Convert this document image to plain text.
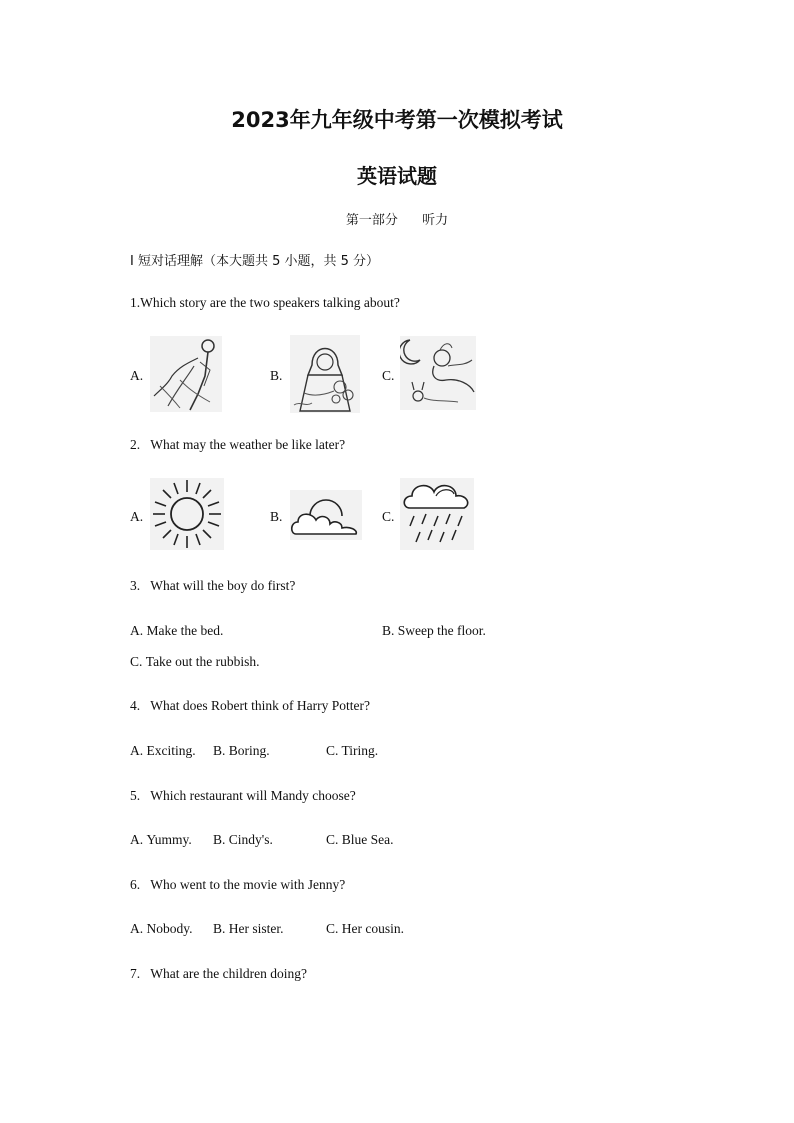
2023年九年级中考第一次模拟考试
英语试题
第一部分 听力
Ⅰ 短对话理解（本大题共 5 小题，共 5 分）
1.Which story are the two speakers talking about?
A.	B.	C.
2. What may the weather be like later?
A.	B.	C.
3. What will the boy do first?
A. Make the bed.	B. Sweep the floor.
C. Take out the rubbish.
4. What does Robert think of Harry Potter?
A. Exciting. B. Boring.	C. Tiring.
5. Which restaurant will Mandy choose?
A. Yummy. B. Cindy's.	C. Blue Sea.
6. Who went to the movie with Jenny?
A. Nobody. B. Her sister.	C. Her cousin.
7. What are the children doing?
